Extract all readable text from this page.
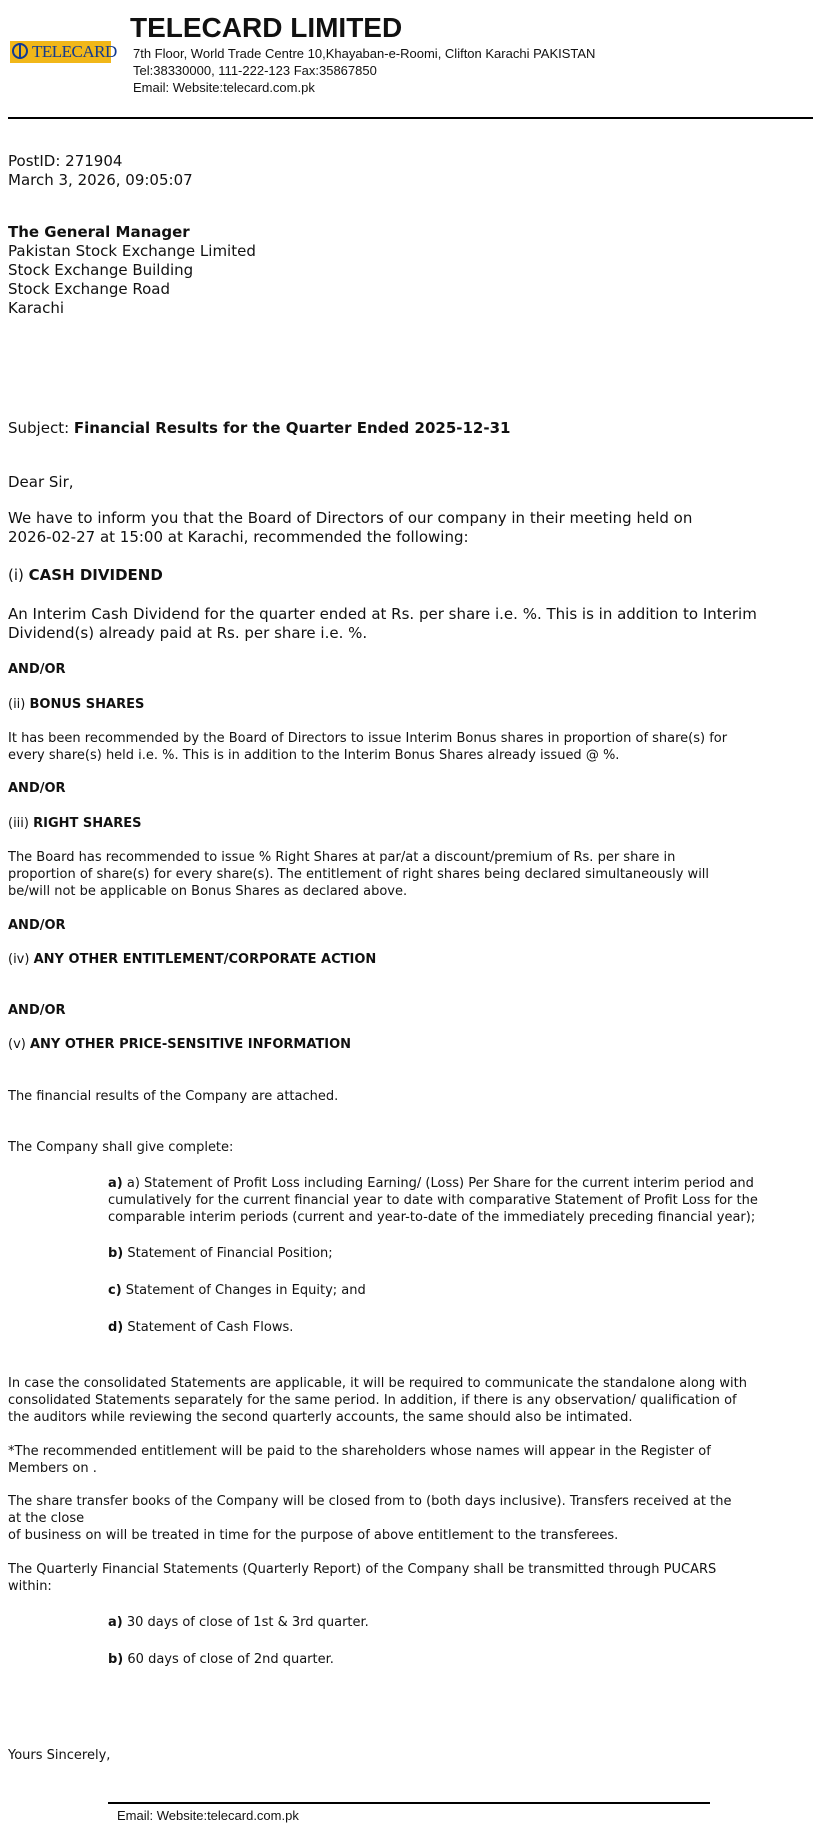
TELECARD
TELECARD LIMITED
7th Floor, World Trade Centre 10,Khayaban-e-Roomi, Clifton Karachi PAKISTAN
Tel:38330000, 111-222-123 Fax:35867850
Email: Website:telecard.com.pk
PostID: 271904
March 3, 2026, 09:05:07
The General Manager
Pakistan Stock Exchange Limited
Stock Exchange Building
Stock Exchange Road
Karachi
Subject: Financial Results for the Quarter Ended 2025-12-31
Dear Sir,
We have to inform you that the Board of Directors of our company in their meeting held on
2026-02-27 at 15:00 at Karachi, recommended the following:
(i) CASH DIVIDEND
An Interim Cash Dividend for the quarter ended at Rs. per share i.e. %. This is in addition to Interim
Dividend(s) already paid at Rs. per share i.e. %.
AND/OR
(ii) BONUS SHARES
It has been recommended by the Board of Directors to issue Interim Bonus shares in proportion of share(s) for
every share(s) held i.e. %. This is in addition to the Interim Bonus Shares already issued @ %.
AND/OR
(iii) RIGHT SHARES
The Board has recommended to issue % Right Shares at par/at a discount/premium of Rs. per share in
proportion of share(s) for every share(s). The entitlement of right shares being declared simultaneously will
be/will not be applicable on Bonus Shares as declared above.
AND/OR
(iv) ANY OTHER ENTITLEMENT/CORPORATE ACTION
AND/OR
(v) ANY OTHER PRICE-SENSITIVE INFORMATION
The financial results of the Company are attached.
The Company shall give complete:
a) a) Statement of Profit Loss including Earning/ (Loss) Per Share for the current interim period and
cumulatively for the current financial year to date with comparative Statement of Profit Loss for the
comparable interim periods (current and year-to-date of the immediately preceding financial year);
b) Statement of Financial Position;
c) Statement of Changes in Equity; and
d) Statement of Cash Flows.
In case the consolidated Statements are applicable, it will be required to communicate the standalone along with
consolidated Statements separately for the same period. In addition, if there is any observation/ qualification of
the auditors while reviewing the second quarterly accounts, the same should also be intimated.
*The recommended entitlement will be paid to the shareholders whose names will appear in the Register of
Members on .
The share transfer books of the Company will be closed from to (both days inclusive). Transfers received at the
at the close
of business on will be treated in time for the purpose of above entitlement to the transferees.
The Quarterly Financial Statements (Quarterly Report) of the Company shall be transmitted through PUCARS
within:
a) 30 days of close of 1st & 3rd quarter.
b) 60 days of close of 2nd quarter.
Yours Sincerely,
Email: Website:telecard.com.pk
